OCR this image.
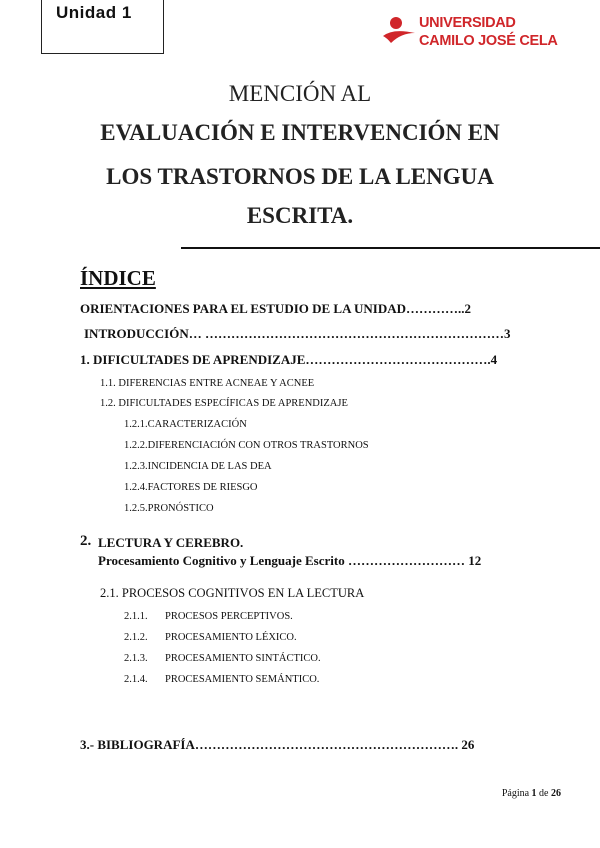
Unidad 1
UNIVERSIDAD
CAMILO JOSÉ CELA
MENCIÓN AL
EVALUACIÓN E INTERVENCIÓN EN
LOS TRASTORNOS DE LA LENGUA
ESCRITA.
ÍNDICE
ORIENTACIONES PARA EL ESTUDIO DE LA UNIDAD…………..2
INTRODUCCIÓN… ……………………………………………………………3
1. DIFICULTADES DE APRENDIZAJE…………………………………….4
1.1. DIFERENCIAS ENTRE ACNEAE Y ACNEE
1.2. DIFICULTADES ESPECÍFICAS DE APRENDIZAJE
1.2.1.CARACTERIZACIÓN
1.2.2.DIFERENCIACIÓN CON OTROS TRASTORNOS
1.2.3.INCIDENCIA DE LAS DEA
1.2.4.FACTORES DE RIESGO
1.2.5.PRONÓSTICO
2. LECTURA Y CEREBRO.
Procesamiento Cognitivo y Lenguaje Escrito ……………………… 12
2.1. PROCESOS COGNITIVOS EN LA LECTURA
2.1.1. PROCESOS PERCEPTIVOS.
2.1.2. PROCESAMIENTO LÉXICO.
2.1.3. PROCESAMIENTO SINTÁCTICO.
2.1.4. PROCESAMIENTO SEMÁNTICO.
3.- BIBLIOGRAFÍA……………………………………………………. 26
Página 1 de 26
